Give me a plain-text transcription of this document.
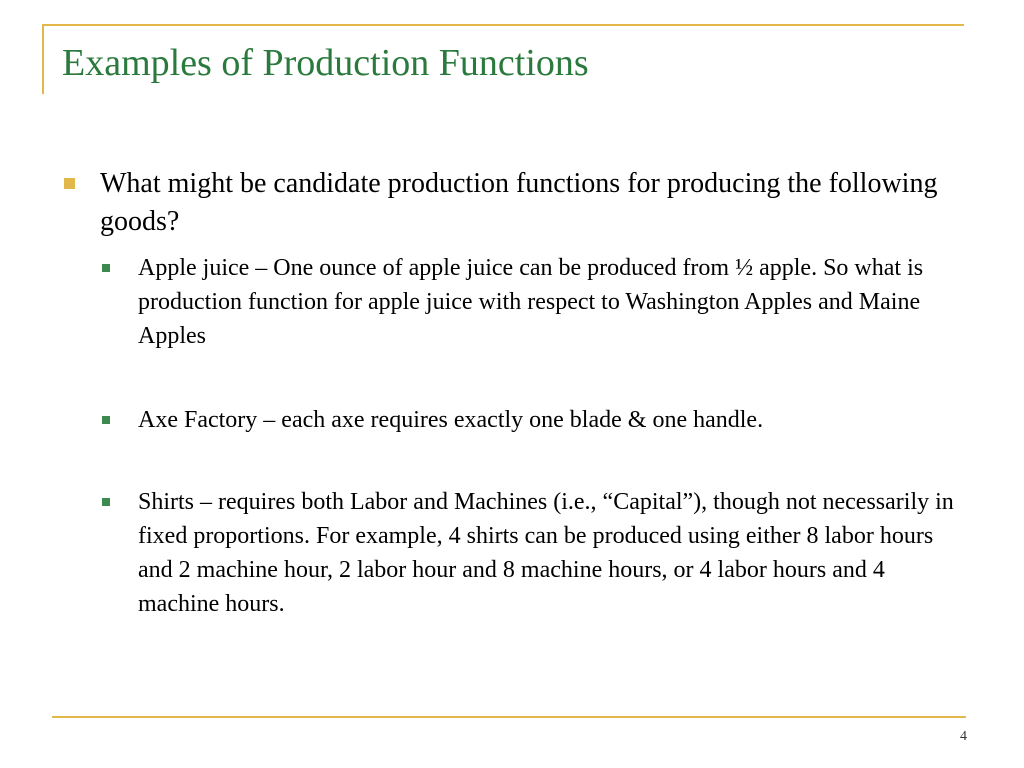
Examples of Production Functions

What might be candidate production functions for producing the following goods?

Apple juice – One ounce of apple juice can be produced from ½ apple. So what is production function for apple juice with respect to Washington Apples and Maine Apples
Axe Factory – each axe requires exactly one blade & one handle.
Shirts – requires both Labor and Machines (i.e., “Capital”), though not necessarily in fixed proportions. For example, 4 shirts can be produced using either 8 labor hours and 2 machine hour, 2 labor hour and 8 machine hours, or 4 labor hours and 4 machine hours.
4
